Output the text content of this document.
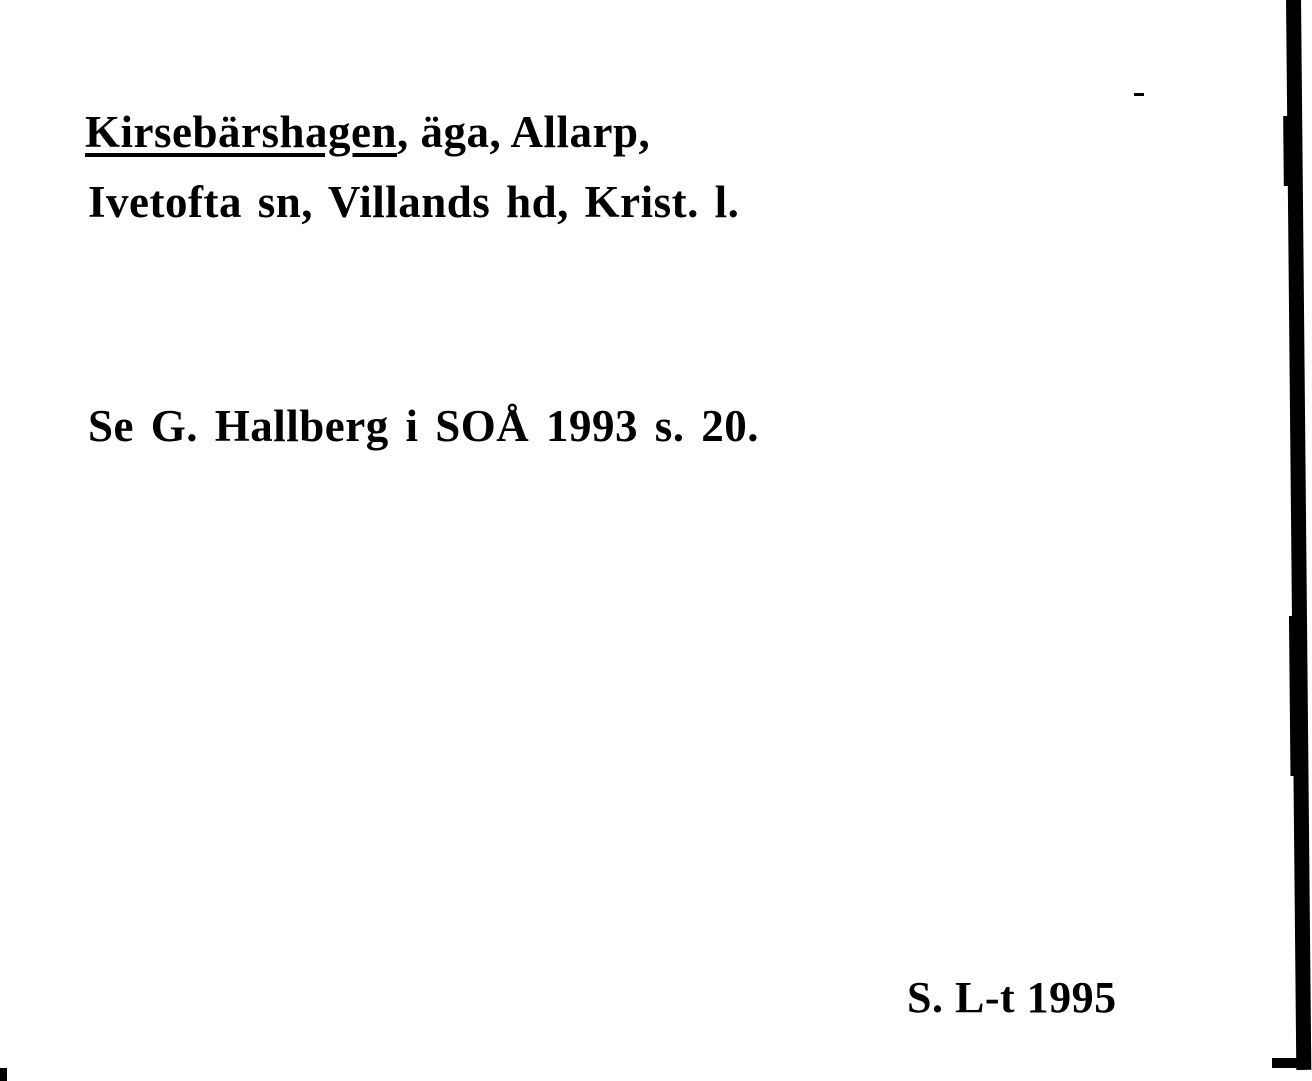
Kirsebärshagen, äga, Allarp,
Ivetofta sn, Villands hd, Krist. l.
Se G. Hallberg i SOÅ 1993 s. 20.
S. L-t 1995
